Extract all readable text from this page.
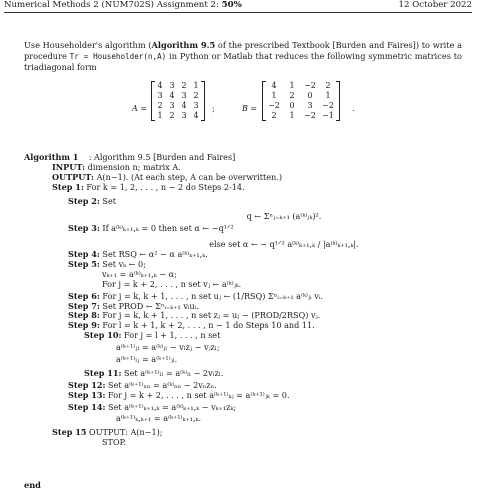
Numerical Methods 2 (NUM702S) Assignment 2: 50%	12 October 2022
Use Householder's algorithm (Algorithm 9.5 of the prescribed Textbook [Burden and Faires]) to write a procedure Tr = Householder(n,A) in Python or Matlab that reduces the following symmetric matrices to triadiagonal form
A =
4	3	2	1
3	4	3	2
2	3	4	3
1	2	3	4
;	B =
4	1	−2	2
1	2	0	1
−2	0	3	−2
2	1	−2	−1
.
Algorithm 1 : Algorithm 9.5 [Burden and Faires]
INPUT: dimension n; matrix A.
OUTPUT: A(n−1). (At each step, A can be overwritten.)
Step 1: For k = 1, 2, . . . , n − 2 do Steps 2-14.
Step 2: Set
q ← Σⁿⱼ₌ₖ₊₁ (a⁽ᵏ⁾ⱼₖ)².
Step 3: If a⁽ᵏ⁾ₖ₊₁,ₖ = 0 then set α ← −q¹ᐟ²
else set α ← − q¹ᐟ² a⁽ᵏ⁾ₖ₊₁,ₖ / |a⁽ᵏ⁾ₖ₊₁,ₖ|.
Step 4: Set RSQ ← α² − α a⁽ᵏ⁾ₖ₊₁,ₖ.
Step 5: Set vₖ ← 0;
vₖ₊₁ = a⁽ᵏ⁾ₖ₊₁,ₖ − α;
For j = k + 2, . . . , n set vⱼ ← a⁽ᵏ⁾ⱼₖ.
Step 6: For j = k, k + 1, . . . , n set uⱼ ← (1/RSQ) Σⁿᵢ₌ₖ₊₁ a⁽ᵏ⁾ⱼᵢ vᵢ.
Step 7: Set PROD ← Σⁿᵢ₌ₖ₊₁ vᵢuᵢ.
Step 8: For j = k, k + 1, . . . , n set zⱼ = uⱼ − (PROD/2RSQ) vⱼ.
Step 9: For l = k + 1, k + 2, . . . , n − 1 do Steps 10 and 11.
Step 10: For j = l + 1, . . . , n set
a⁽ᵏ⁺¹⁾ⱼₗ = a⁽ᵏ⁾ⱼₗ − vₗzⱼ − vⱼzₗ;
a⁽ᵏ⁺¹⁾ₗⱼ = a⁽ᵏ⁺¹⁾ⱼₗ.
Step 11: Set a⁽ᵏ⁺¹⁾ₗₗ = a⁽ᵏ⁾ₗₗ − 2vₗzₗ.
Step 12: Set a⁽ᵏ⁺¹⁾ₙₙ = a⁽ᵏ⁾ₙₙ − 2vₙzₙ.
Step 13: For j = k + 2, . . . , n set a⁽ᵏ⁺¹⁾ₖⱼ = a⁽ᵏ⁺¹⁾ⱼₖ = 0.
Step 14: Set a⁽ᵏ⁺¹⁾ₖ₊₁,ₖ = a⁽ᵏ⁾ₖ₊₁,ₖ − vₖ₊₁zₖ;
a⁽ᵏ⁺¹⁾ₖ,ₖ₊₁ = a⁽ᵏ⁺¹⁾ₖ₊₁,ₖ.
Step 15 OUTPUT: A(n−1);
STOP.
end
